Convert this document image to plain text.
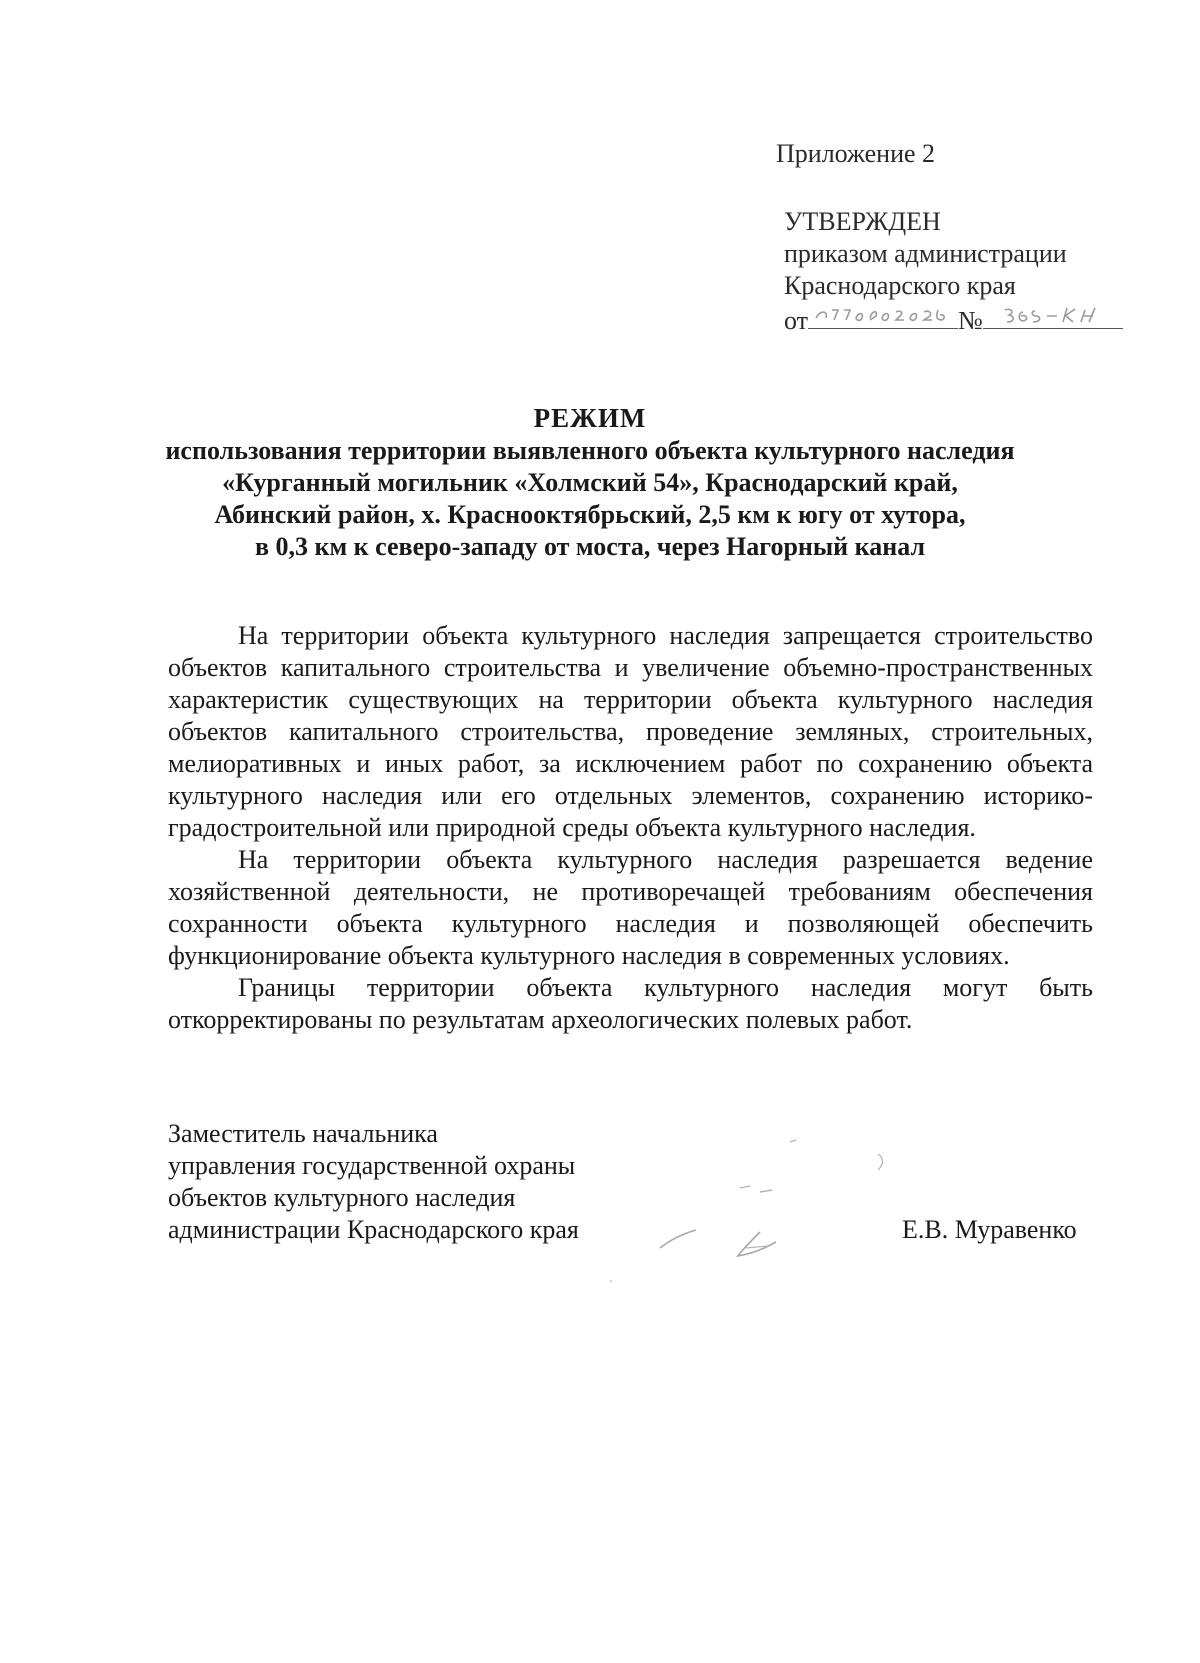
Приложение 2
УТВЕРЖДЕН
приказом администрации
Краснодарского края
от	№
РЕЖИМ
использования территории выявленного объекта культурного наследия
«Курганный могильник «Холмский 54», Краснодарский край,
Абинский район, х. Краснооктябрьский, 2,5 км к югу от хутора,
в 0,3 км к северо-западу от моста, через Нагорный канал

На территории объекта культурного наследия запрещается строительство объектов капитального строительства и увеличение объемно-пространственных характеристик существующих на территории объекта культурного наследия объектов капитального строительства, проведение земляных, строительных, мелиоративных и иных работ, за исключением работ по сохранению объекта культурного наследия или его отдельных элементов, сохранению историко-градостроительной или природной среды объекта культурного наследия.

На территории объекта культурного наследия разрешается ведение хозяйственной деятельности, не противоречащей требованиям обеспечения сохранности объекта культурного наследия и позволяющей обеспечить функционирование объекта культурного наследия в современных условиях.

Границы территории объекта культурного наследия могут быть откорректированы по результатам археологических полевых работ.

Заместитель начальника
управления государственной охраны
объектов культурного наследия
администрации Краснодарского края	Е.В. Муравенко
